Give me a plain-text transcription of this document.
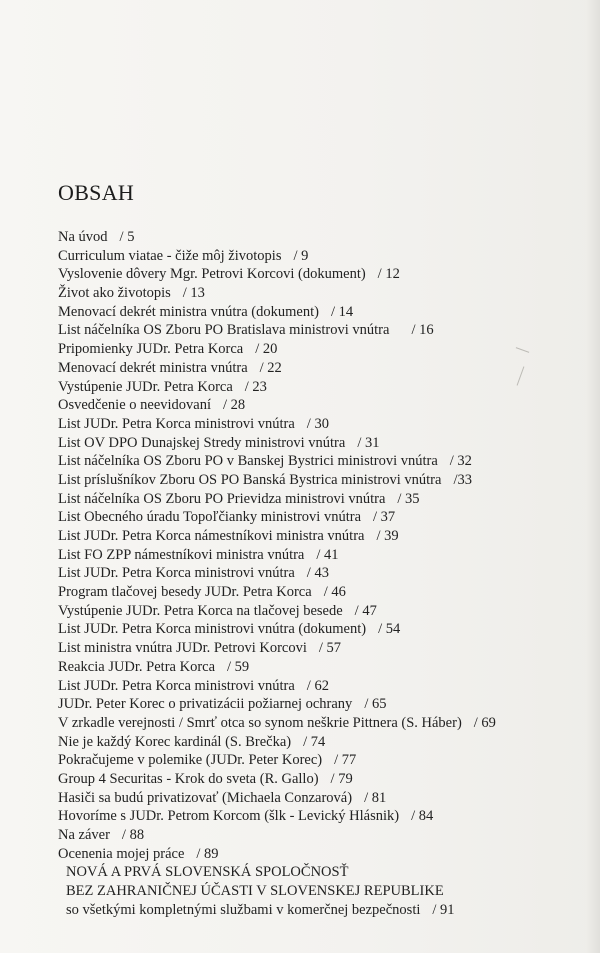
OBSAH
Na úvod / 5
Curriculum viatae - čiže môj životopis / 9
Vyslovenie dôvery Mgr. Petrovi Korcovi (dokument) / 12
Život ako životopis / 13
Menovací dekrét ministra vnútra (dokument) / 14
List náčelníka OS Zboru PO Bratislava ministrovi vnútra / 16
Pripomienky JUDr. Petra Korca / 20
Menovací dekrét ministra vnútra / 22
Vystúpenie JUDr. Petra Korca / 23
Osvedčenie o neevidovaní / 28
List JUDr. Petra Korca ministrovi vnútra / 30
List OV DPO Dunajskej Stredy ministrovi vnútra / 31
List náčelníka OS Zboru PO v Banskej Bystrici ministrovi vnútra / 32
List príslušníkov Zboru OS PO Banská Bystrica ministrovi vnútra /33
List náčelníka OS Zboru PO Prievidza ministrovi vnútra / 35
List Obecného úradu Topoľčianky ministrovi vnútra / 37
List JUDr. Petra Korca námestníkovi ministra vnútra / 39
List FO ZPP námestníkovi ministra vnútra / 41
List JUDr. Petra Korca ministrovi vnútra / 43
Program tlačovej besedy JUDr. Petra Korca / 46
Vystúpenie JUDr. Petra Korca na tlačovej besede / 47
List JUDr. Petra Korca ministrovi vnútra (dokument) / 54
List ministra vnútra JUDr. Petrovi Korcovi / 57
Reakcia JUDr. Petra Korca / 59
List JUDr. Petra Korca ministrovi vnútra / 62
JUDr. Peter Korec o privatizácii požiarnej ochrany / 65
V zrkadle verejnosti / Smrť otca so synom neškrie Pittnera (S. Háber) / 69
Nie je každý Korec kardinál (S. Brečka) / 74
Pokračujeme v polemike (JUDr. Peter Korec) / 77
Group 4 Securitas - Krok do sveta (R. Gallo) / 79
Hasiči sa budú privatizovať (Michaela Conzarová) / 81
Hovoríme s JUDr. Petrom Korcom (šlk - Levický Hlásnik) / 84
Na záver / 88
Ocenenia mojej práce / 89
NOVÁ A PRVÁ SLOVENSKÁ SPOLOČNOSŤ
BEZ ZAHRANIČNEJ ÚČASTI V SLOVENSKEJ REPUBLIKE
so všetkými kompletnými službami v komerčnej bezpečnosti / 91
